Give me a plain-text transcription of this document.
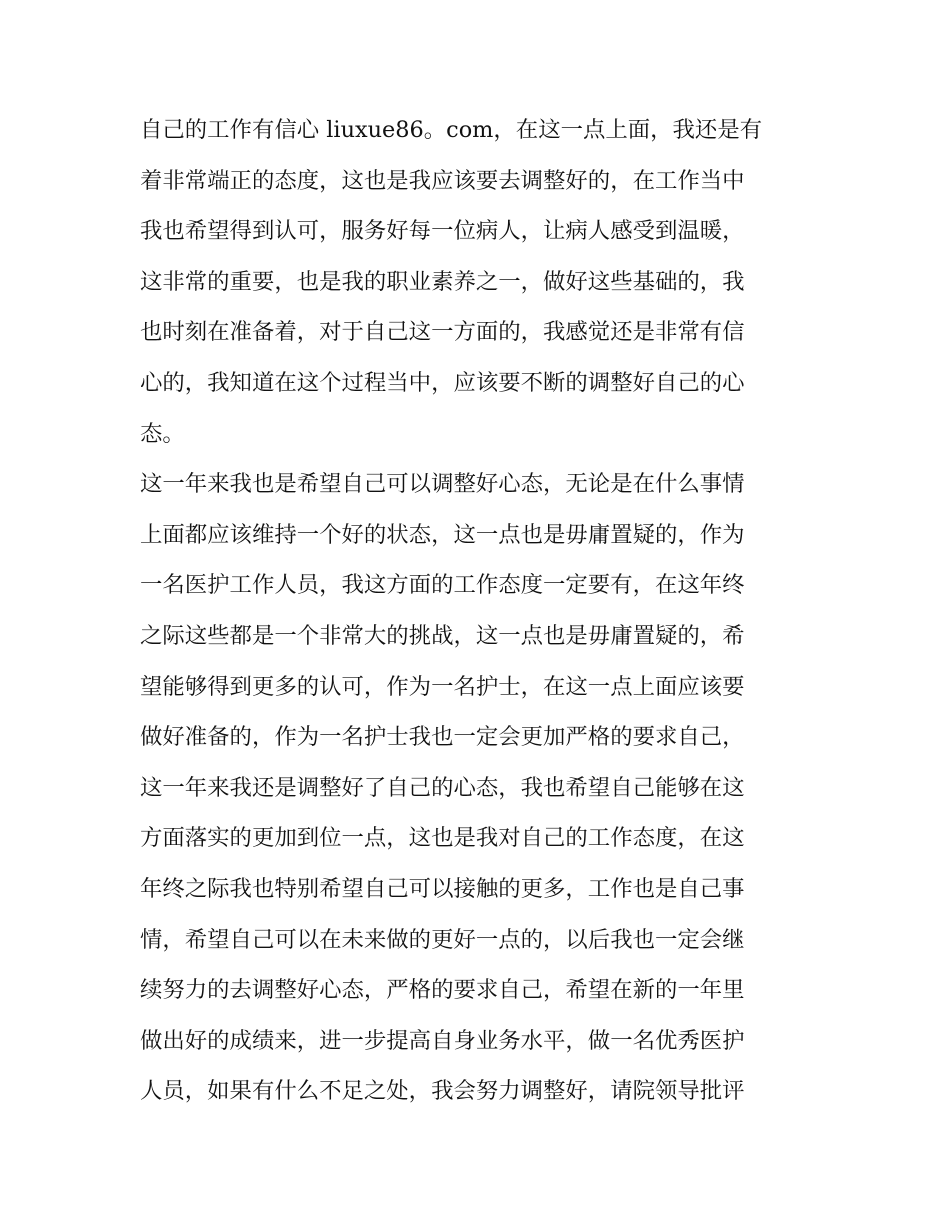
自己的工作有信心 liuxue86。com，在这一点上面，我还是有
着非常端正的态度，这也是我应该要去调整好的，在工作当中
我也希望得到认可，服务好每一位病人，让病人感受到温暖，
这非常的重要，也是我的职业素养之一，做好这些基础的，我
也时刻在准备着，对于自己这一方面的，我感觉还是非常有信
心的，我知道在这个过程当中，应该要不断的调整好自己的心
态。
这一年来我也是希望自己可以调整好心态，无论是在什么事情
上面都应该维持一个好的状态，这一点也是毋庸置疑的，作为
一名医护工作人员，我这方面的工作态度一定要有，在这年终
之际这些都是一个非常大的挑战，这一点也是毋庸置疑的，希
望能够得到更多的认可，作为一名护士，在这一点上面应该要
做好准备的，作为一名护士我也一定会更加严格的要求自己，
这一年来我还是调整好了自己的心态，我也希望自己能够在这
方面落实的更加到位一点，这也是我对自己的工作态度，在这
年终之际我也特别希望自己可以接触的更多，工作也是自己事
情，希望自己可以在未来做的更好一点的，以后我也一定会继
续努力的去调整好心态，严格的要求自己，希望在新的一年里
做出好的成绩来，进一步提高自身业务水平，做一名优秀医护
人员，如果有什么不足之处，我会努力调整好，请院领导批评
